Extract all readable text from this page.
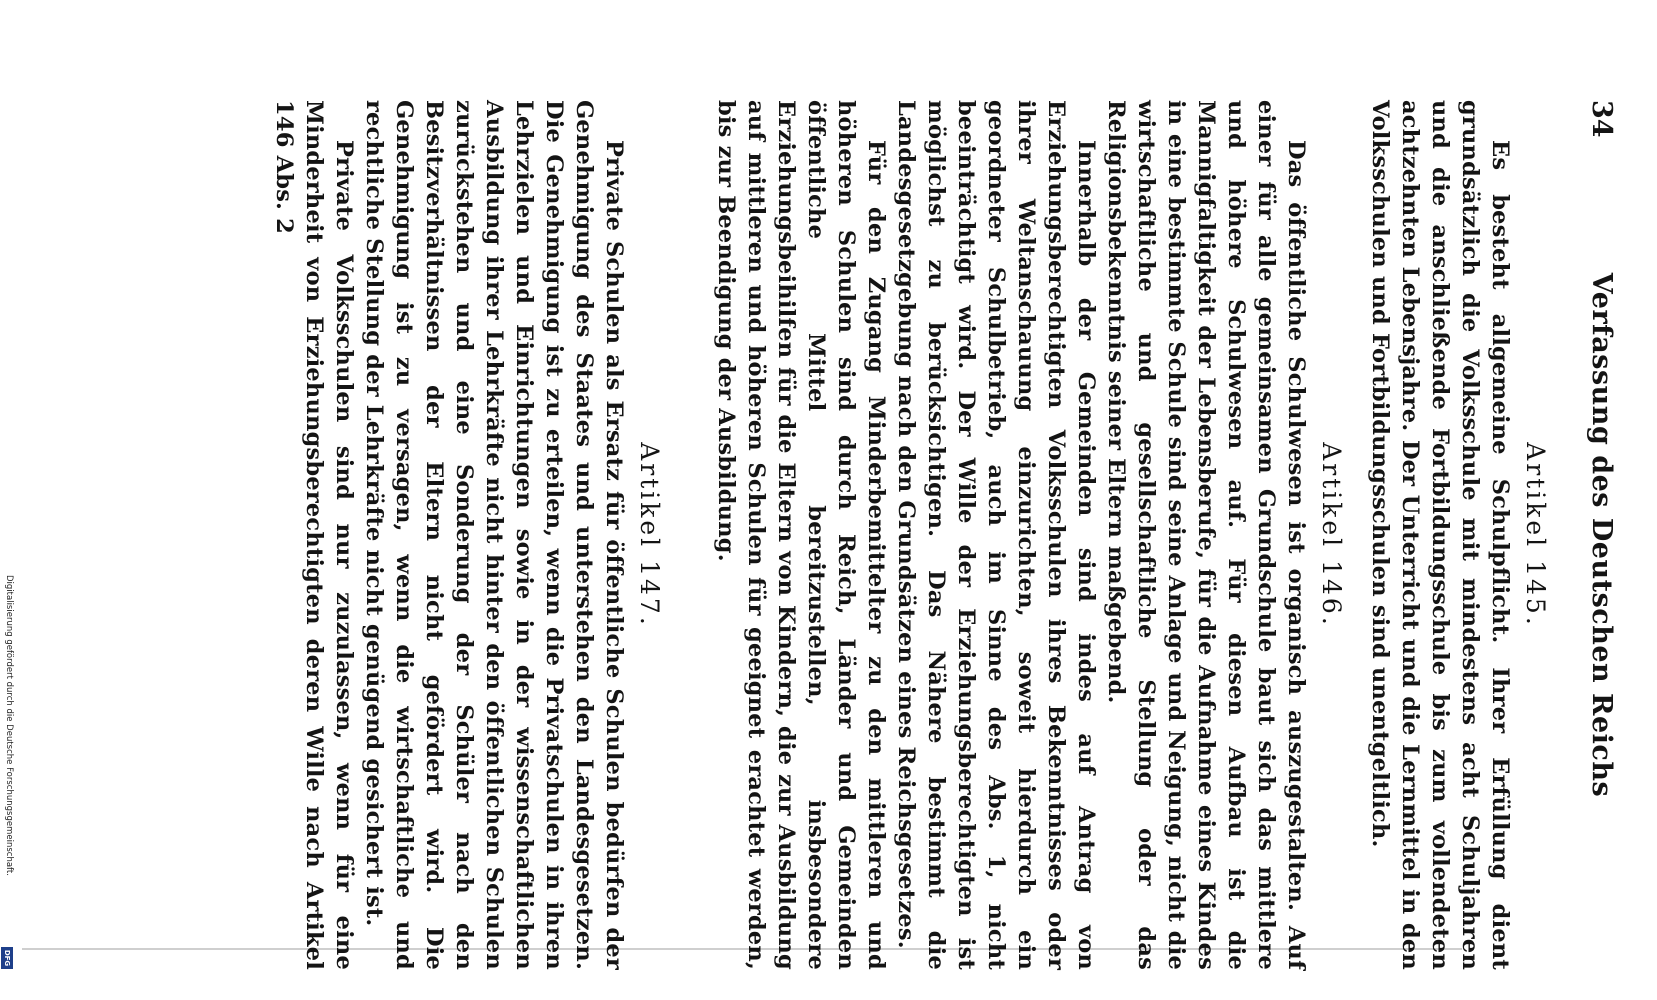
Digitalisierung gefördert durch die Deutsche Forschungsgemeinschaft.
DFG
34
Verfassung des Deutschen Reichs
Artikel 145.

Es besteht allgemeine Schulpflicht. Ihrer Erfüllung dient grundsätzlich die Volksschule mit mindestens acht Schuljahren und die anschließende Fortbildungsschule bis zum vollendeten achtzehnten Lebensjahre. Der Unterricht und die Lernmittel in den Volksschulen und Fortbildungsschulen sind unentgeltlich.

Artikel 146.

Das öffentliche Schulwesen ist organisch auszugestalten. Auf einer für alle gemeinsamen Grundschule baut sich das mittlere und höhere Schulwesen auf. Für diesen Aufbau ist die Mannigfaltigkeit der Lebensberufe, für die Aufnahme eines Kindes in eine bestimmte Schule sind seine Anlage und Neigung, nicht die wirtschaftliche und gesellschaftliche Stellung oder das Religionsbekenntnis seiner Eltern maßgebend.

Innerhalb der Gemeinden sind indes auf Antrag von Erziehungsberechtigten Volksschulen ihres Bekenntnisses oder ihrer Weltanschauung einzurichten, soweit hierdurch ein geordneter Schulbetrieb, auch im Sinne des Abs. 1, nicht beeinträchtigt wird. Der Wille der Erziehungsberechtigten ist möglichst zu berücksichtigen. Das Nähere bestimmt die Landesgesetzgebung nach den Grundsätzen eines Reichsgesetzes.

Für den Zugang Minderbemittelter zu den mittleren und höheren Schulen sind durch Reich, Länder und Gemeinden öffentliche Mittel bereitzustellen, insbesondere Erziehungsbeihilfen für die Eltern von Kindern, die zur Ausbildung auf mittleren und höheren Schulen für geeignet erachtet werden, bis zur Beendigung der Ausbildung.

Artikel 147.

Private Schulen als Ersatz für öffentliche Schulen bedürfen der Genehmigung des Staates und unterstehen den Landesgesetzen. Die Genehmigung ist zu erteilen, wenn die Privatschulen in ihren Lehrzielen und Einrichtungen sowie in der wissenschaftlichen Ausbildung ihrer Lehrkräfte nicht hinter den öffentlichen Schulen zurückstehen und eine Sonderung der Schüler nach den Besitzverhältnissen der Eltern nicht gefördert wird. Die Genehmigung ist zu versagen, wenn die wirtschaftliche und rechtliche Stellung der Lehrkräfte nicht genügend gesichert ist.

Private Volksschulen sind nur zuzulassen, wenn für eine Minderheit von Erziehungsberechtigten deren Wille nach Artikel 146 Abs. 2
